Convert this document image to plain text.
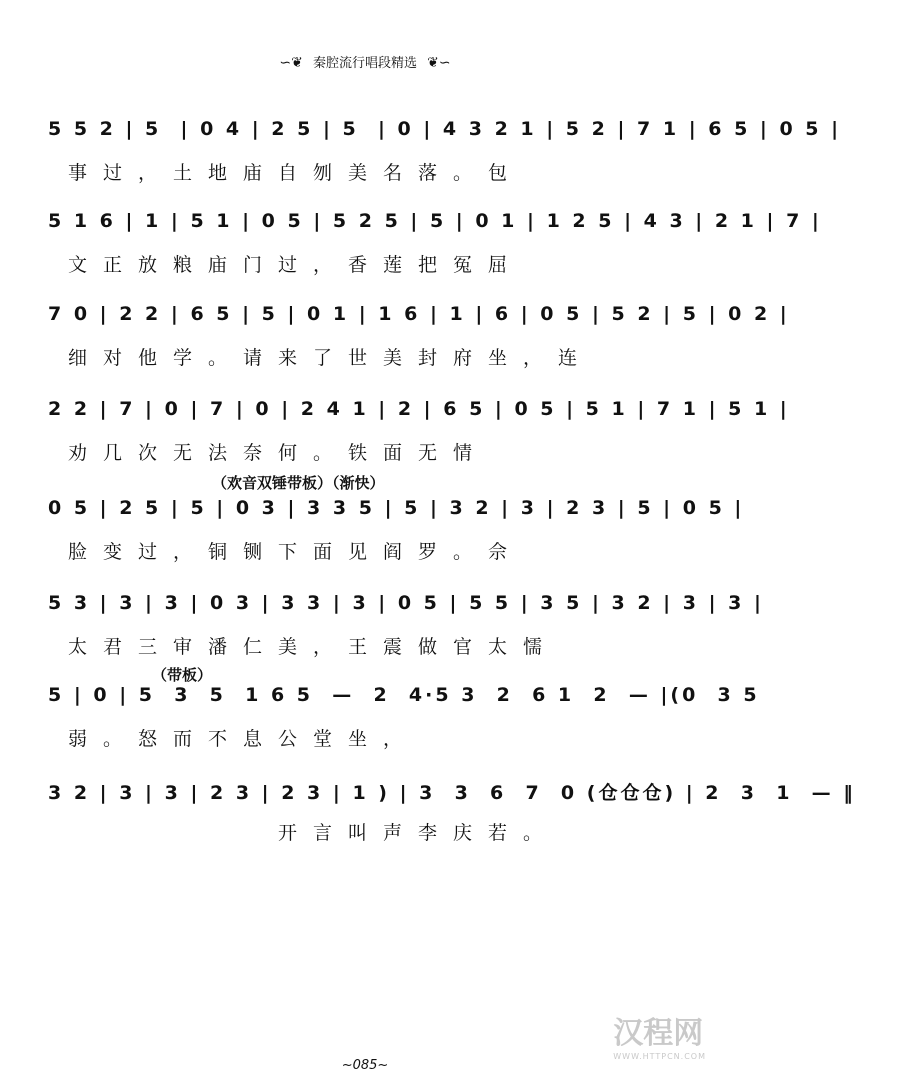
∽❦ 秦腔流行唱段精选 ❦∽
5 5 2 | 5  | 0 4 | 2 5 | 5  | 0 | 4 3 2 1 | 5 2 | 7 1 | 6 5 | 0 5 |
事过，土地庙自刎美名落。包
5 1 6 | 1 | 5 1 | 0 5 | 5 2 5 | 5 | 0 1 | 1 2 5 | 4 3 | 2 1 | 7 |
文正放粮庙门过，香莲把冤屈
7 0 | 2 2 | 6 5 | 5 | 0 1 | 1 6 | 1 | 6 | 0 5 | 5 2 | 5 | 0 2 |
细对他学。请来了世美封府坐，连
2 2 | 7 | 0 | 7 | 0 | 2 4 1 | 2 | 6 5 | 0 5 | 5 1 | 7 1 | 5 1 |
劝几次无法奈何。铁面无情
（欢音双锤带板）（渐快）
0 5 | 2 5 | 5 | 0 3 | 3 3 5 | 5 | 3 2 | 3 | 2 3 | 5 | 0 5 |
脸变过，铜铡下面见阎罗。佘
5 3 | 3 | 3 | 0 3 | 3 3 | 3 | 0 5 | 5 5 | 3 5 | 3 2 | 3 | 3 |
太君三审潘仁美，王震做官太懦
（带板）
5 | 0 | 5  3  5  1 6 5  —  2  4·5 3  2  6 1  2  — |(0  3 5
弱。怒而不息公堂坐，
3 2 | 3 | 3 | 2 3 | 2 3 | 1 ) | 3  3  6  7  0 (仓仓仓) | 2  3  1  — ‖
开言叫声李庆若。
汉程网
WWW.HTTPCN.COM
~085~
